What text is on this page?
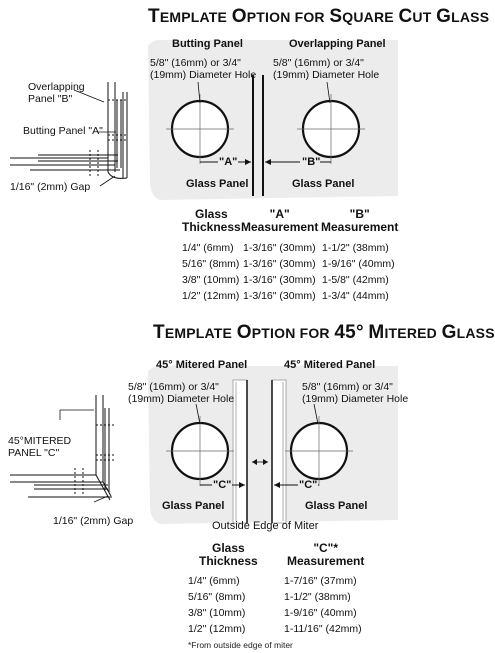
TEMPLATE OPTION FOR SQUARE CUT GLASS
Butting Panel	Overlapping Panel
5/8" (16mm) or 3/4"
(19mm) Diameter Hole
5/8" (16mm) or 3/4"
(19mm) Diameter Hole
"A"	"B"
Glass Panel	Glass Panel
Overlapping
Panel "B"
Butting Panel "A"
1/16" (2mm) Gap
Glass
Thickness
"A"
Measurement
"B"
Measurement
1/4" (6mm) 1-3/16" (30mm) 1-1/2" (38mm)
5/16" (8mm) 1-3/16" (30mm) 1-9/16" (40mm)
3/8" (10mm) 1-3/16" (30mm) 1-5/8" (42mm)
1/2" (12mm) 1-3/16" (30mm) 1-3/4" (44mm)
TEMPLATE OPTION FOR 45° MITERED GLASS
45° Mitered Panel	45° Mitered Panel
5/8" (16mm) or 3/4"
(19mm) Diameter Hole
5/8" (16mm) or 3/4"
(19mm) Diameter Hole
"C"	"C"
Glass Panel	Glass Panel
Outside Edge of Miter
45°MITERED
PANEL "C"
1/16" (2mm) Gap
Glass
Thickness
"C"*
Measurement
1/4" (6mm)	1-7/16" (37mm)
5/16" (8mm)	1-1/2" (38mm)
3/8" (10mm)	1-9/16" (40mm)
1/2" (12mm)	1-11/16" (42mm)
*From outside edge of miter
